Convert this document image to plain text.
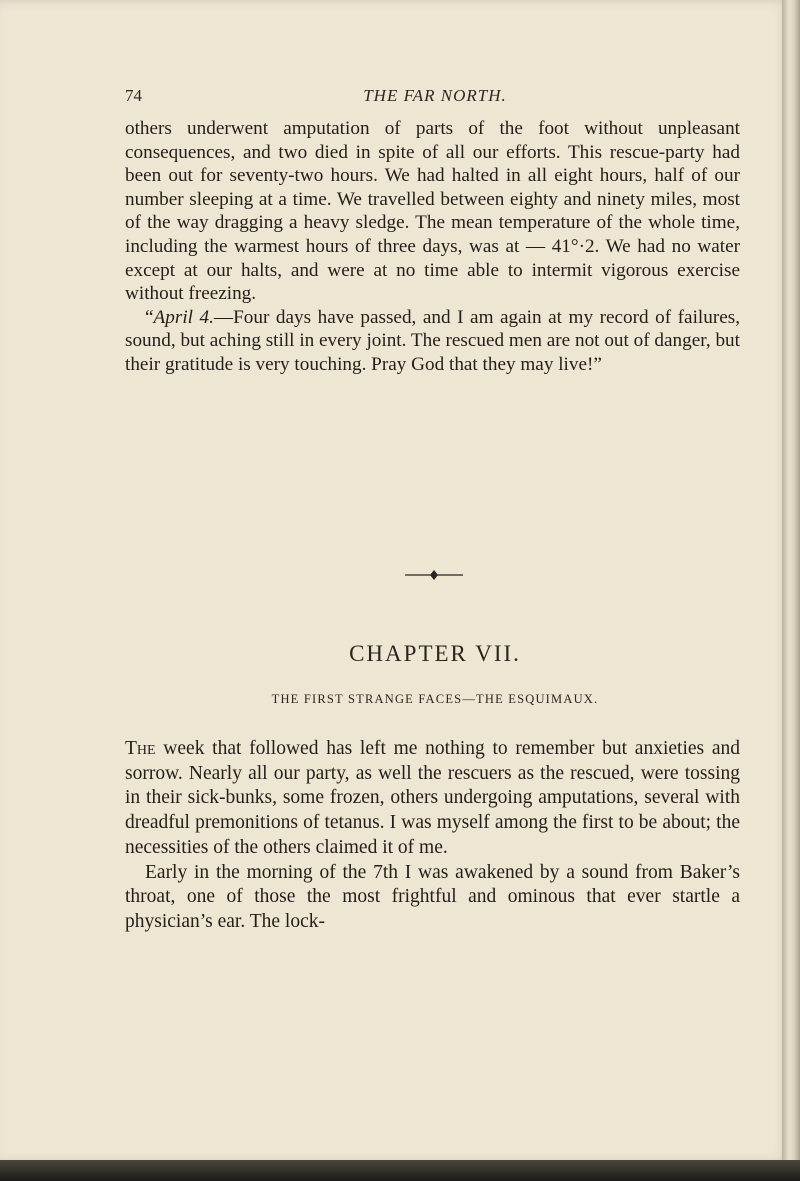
74	THE FAR NORTH.

others underwent amputation of parts of the foot without unpleasant consequences, and two died in spite of all our efforts. This rescue-party had been out for seventy-two hours. We had halted in all eight hours, half of our number sleeping at a time. We travelled between eighty and ninety miles, most of the way dragging a heavy sledge. The mean temperature of the whole time, including the warmest hours of three days, was at — 41°·2. We had no water except at our halts, and were at no time able to intermit vigorous exercise without freezing.

“April 4.—Four days have passed, and I am again at my record of failures, sound, but aching still in every joint. The rescued men are not out of danger, but their gratitude is very touching. Pray God that they may live!”

CHAPTER VII.
THE FIRST STRANGE FACES—THE ESQUIMAUX.

The week that followed has left me nothing to remember but anxieties and sorrow. Nearly all our party, as well the rescuers as the rescued, were tossing in their sick-bunks, some frozen, others undergoing amputations, several with dreadful premonitions of tetanus. I was myself among the first to be about; the necessities of the others claimed it of me.

Early in the morning of the 7th I was awakened by a sound from Baker’s throat, one of those the most frightful and ominous that ever startle a physician’s ear. The lock-
